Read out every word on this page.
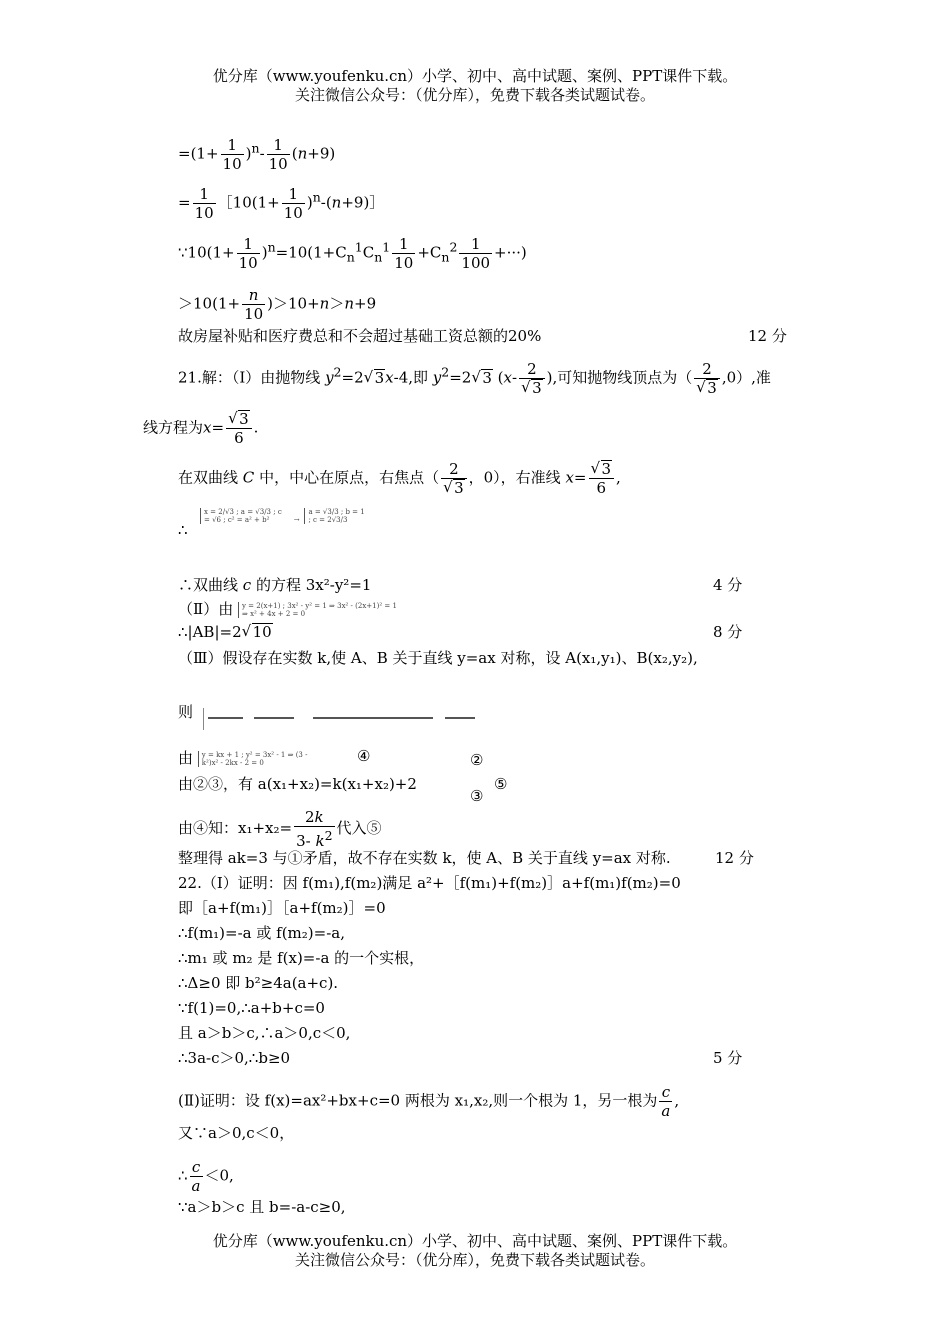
优分库（www.youfenku.cn）小学、初中、高中试题、案例、PPT课件下载。
关注微信公众号：（优分库），免费下载各类试题试卷。
$=(1+ \frac{1}{10} )^n- \frac{1}{10} (n+9)$
= $\frac{1}{10}$ ［10(1+ $\frac{1}{10}$ )$^n$-(n+9)］
∵10(1+ $\frac{1}{10} )^n=10(1+C_n^1C_n^1 \frac{1}{10} +C_n^2 \frac{1}{100}$ +···)
$>10(1+ \frac{n}{10} )>10+n>n+9$
故房屋补贴和医疗费总和不会超过基础工资总额的20%	12 分
21.解：（Ⅰ）由抛物线 $y^2=2√$ 3x-4,即 $y^2=2√$ 3 (x- 2
√ 3 ),可知抛物线顶点为（ 2
√ 3 ,0）,准
线方程为x=
√ $\frac{3}{6}$ .
在双曲线 C 中，中心在原点，右焦点（ 2
√ 3 ，0），右准线 x=
√ $\frac{3}{6}$ ,
∴
x = 2/√3 ; a = √3/3 ; c = √6 ; c² = a² + b²	→ a = √3/3 ; b = 1 ; c = 2√3/3
∴双曲线 c 的方程 3x²-y²=1	4 分
（Ⅱ）由 y = 2(x+1) ; 3x² - y² = 1 ⇒ 3x² - (2x+1)² = 1 ⇒ x² + 4x + 2 = 0
∴|AB|=2√ 10	8 分
（Ⅲ）假设存在实数 k,使 A、B 关于直线 y=ax 对称，设 A(x₁,y₁)、B(x₂,y₂),
则

由 y = kx + 1 ; y² = 3x² - 1 ⇒ (3 - k²)x² - 2kx - 2 = 0	④	②
由②③，有 a(x₁+x₂)=k(x₁+x₂)+2
③
⑤
由④知：$x_1+x_2= \frac{2k}{3- k^2}$ 代入⑤
整理得 ak=3 与①矛盾，故不存在实数 k，使 A、B 关于直线 y=ax 对称.	12 分
22.（Ⅰ）证明：因 f(m₁),f(m₂)满足 a²+［f(m₁)+f(m₂)］a+f(m₁)f(m₂)=0
即［a+f(m₁)］［a+f(m₂)］=0
∴f(m₁)=-a 或 f(m₂)=-a,
∴m₁ 或 m₂ 是 f(x)=-a 的一个实根，
∴Δ≥0 即 b²≥4a(a+c).
∵f(1)=0,∴a+b+c=0
且 a＞b＞c,∴a＞0,c＜0,
∴3a-c＞0,∴b≥0	5 分
(Ⅱ)证明：设 f(x)=ax²+bx+c=0 两根为 x₁,x₂,则一个根为 1，另一根为 $\frac{c}{a}$ ,
又∵a＞0,c＜0，
∴ $\frac{c}{a} <0$,
∵a＞b＞c 且 b=-a-c≥0,
优分库（www.youfenku.cn）小学、初中、高中试题、案例、PPT课件下载。
关注微信公众号：（优分库），免费下载各类试题试卷。
